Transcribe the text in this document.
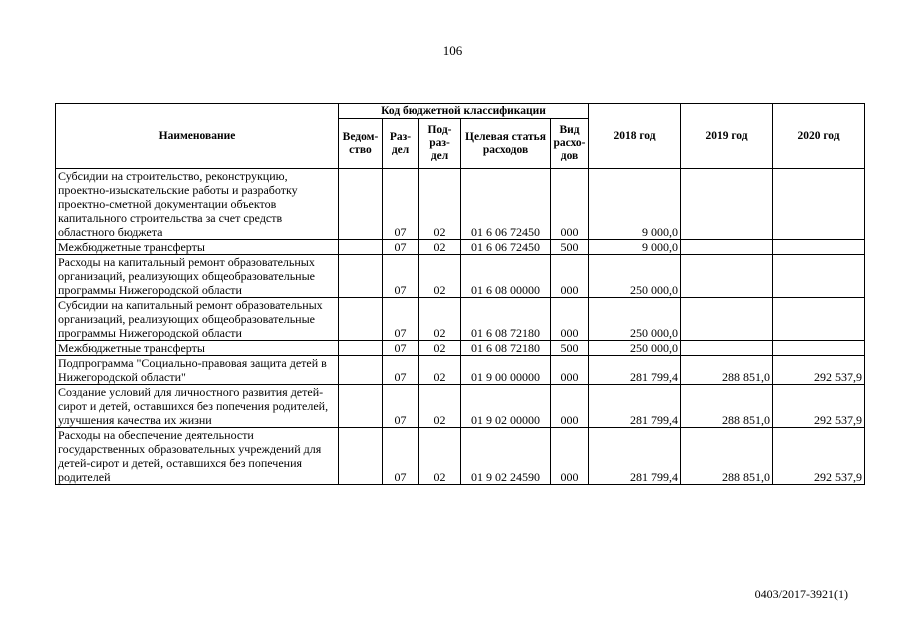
106
Наименование	Код бюджетной классификации					2018 год	2019 год	2020 год
	Ведом-ство	Раз-дел	Под-раз-дел	Целевая статья расходов	Вид расхо-дов			
Субсидии на строительство, реконструкцию, проектно-изыскательские работы и разработку проектно-сметной документации объектов капитального строительства за счет средств областного бюджета		07	02	01 6 06 72450	000	9 000,0		
Межбюджетные трансферты		07	02	01 6 06 72450	500	9 000,0		
Расходы на капитальный ремонт образовательных организаций, реализующих общеобразовательные программы Нижегородской области		07	02	01 6 08 00000	000	250 000,0		
Субсидии на капитальный ремонт образовательных организаций, реализующих общеобразовательные программы Нижегородской области		07	02	01 6 08 72180	000	250 000,0		
Межбюджетные трансферты		07	02	01 6 08 72180	500	250 000,0		
Подпрограмма "Социально-правовая защита детей в Нижегородской области"		07	02	01 9 00 00000	000	281 799,4	288 851,0	292 537,9
Создание условий для личностного развития детей-сирот и детей, оставшихся без попечения родителей, улучшения качества их жизни		07	02	01 9 02 00000	000	281 799,4	288 851,0	292 537,9
Расходы на обеспечение деятельности государственных образовательных учреждений для детей-сирот и детей, оставшихся без попечения родителей		07	02	01 9 02 24590	000	281 799,4	288 851,0	292 537,9
0403/2017-3921(1)
